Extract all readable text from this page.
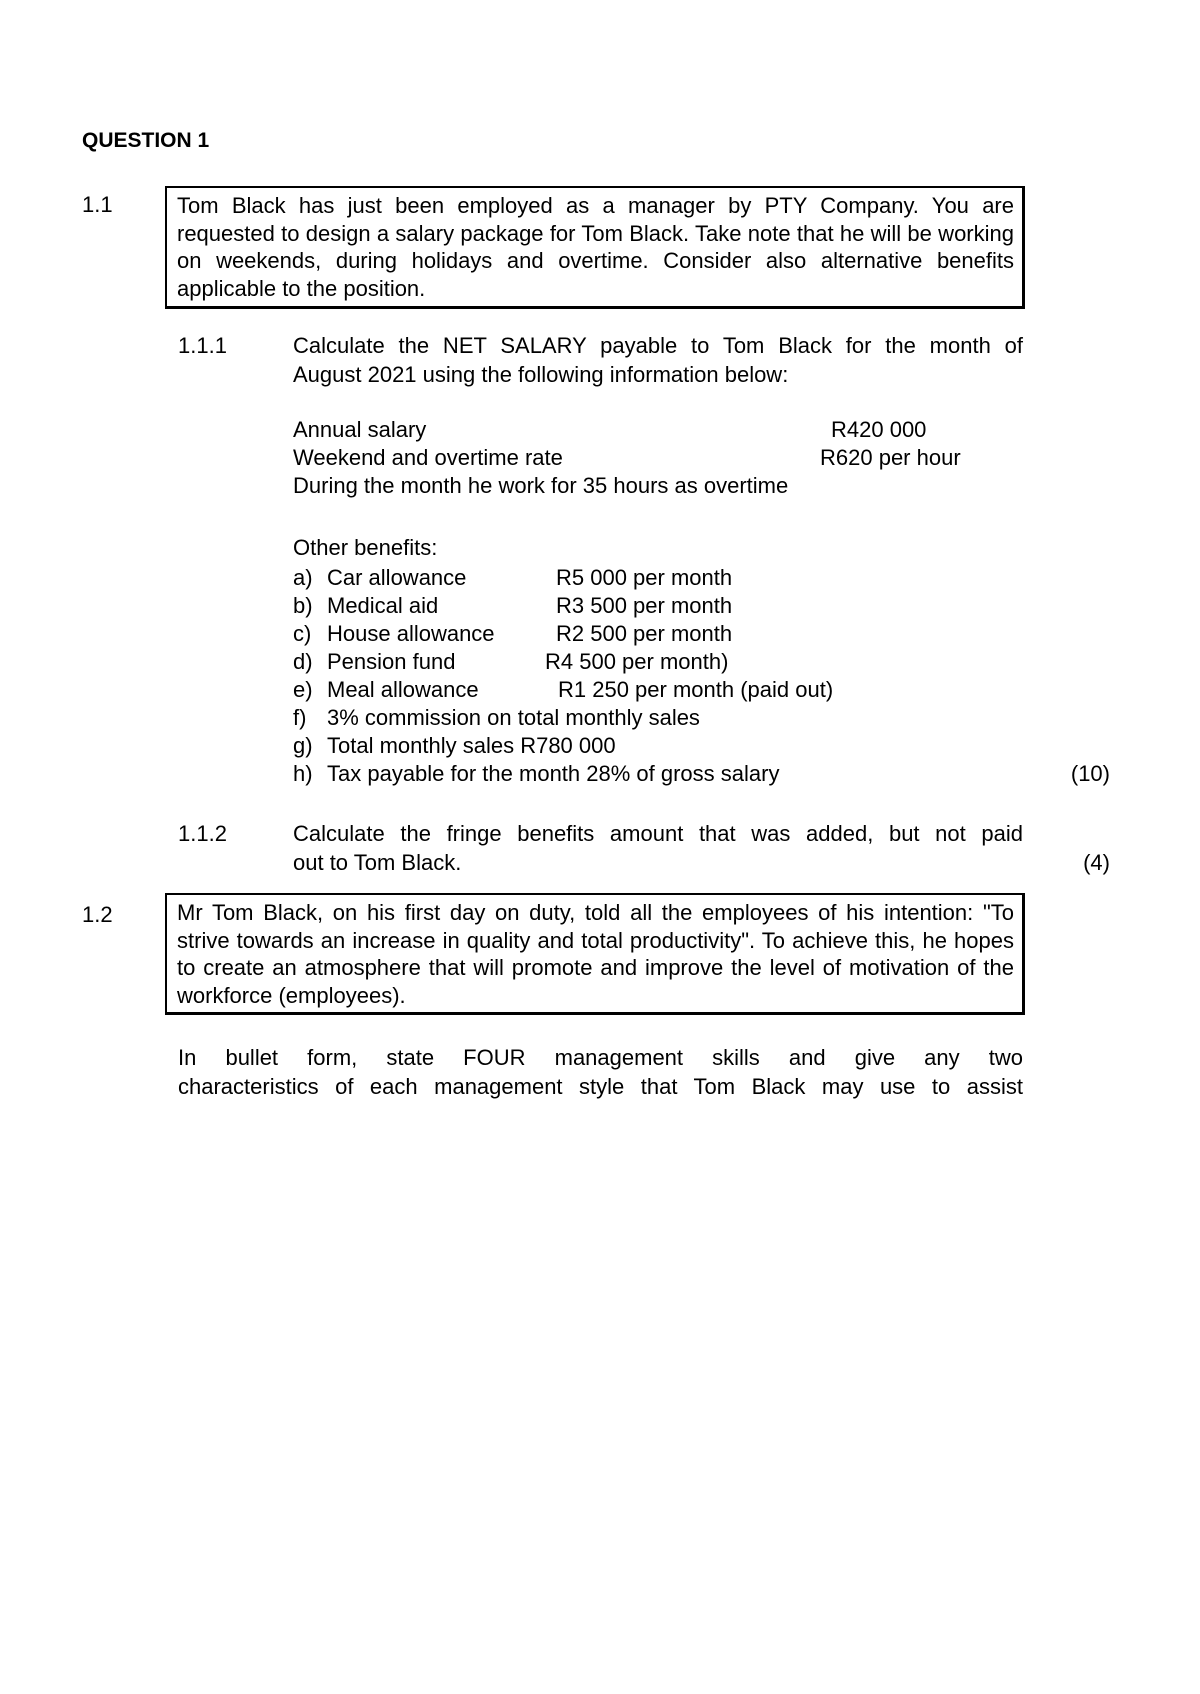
QUESTION 1
1.1	Tom Black has just been employed as a manager by PTY Company. You are requested to design a salary package for Tom Black. Take note that he will be working on weekends, during holidays and overtime. Consider also alternative benefits applicable to the position.
1.1.1	Calculate the NET SALARY payable to Tom Black for the month of
August 2021 using the following information below:
Annual salary	R420 000
Weekend and overtime rate	R620 per hour
During the month he work for 35 hours as overtime
Other benefits:
a) Car allowance	R5 000 per month
b) Medical aid	R3 500 per month
c) House allowance	R2 500 per month
d) Pension fund	R4 500 per month)
e) Meal allowance	R1 250 per month (paid out)
f) 3% commission on total monthly sales
g) Total monthly sales R780 000
h) Tax payable for the month 28% of gross salary	(10)
1.1.2	Calculate the fringe benefits amount that was added, but not paid
out to Tom Black.	(4)
1.2	Mr Tom Black, on his first day on duty, told all the employees of his intention: "To strive towards an increase in quality and total productivity". To achieve this, he hopes to create an atmosphere that will promote and improve the level of motivation of the workforce (employees).
In bullet form, state FOUR management skills and give any two
characteristics of each management style that Tom Black may use to assist
